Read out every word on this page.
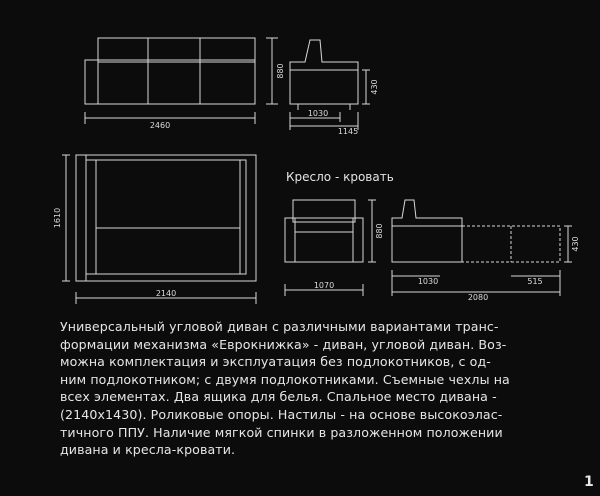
2460
880
430
1030
1145
2140
1610
880
1070	1030	515
2080
430
Кресло - кровать
Универсальный угловой диван с различными вариантами транс-
формации механизма «Еврокнижка» - диван, угловой диван. Воз-
можна комплектация и эксплуатация без подлокотников, с од-
ним подлокотником; с двумя подлокотниками. Съемные чехлы на
всех элементах. Два ящика для белья. Спальное место дивана -
(2140x1430). Роликовые опоры. Настилы - на основе высокоэлас-
тичного ППУ. Наличие мягкой спинки в разложенном положении
дивана и кресла-кровати.
1
